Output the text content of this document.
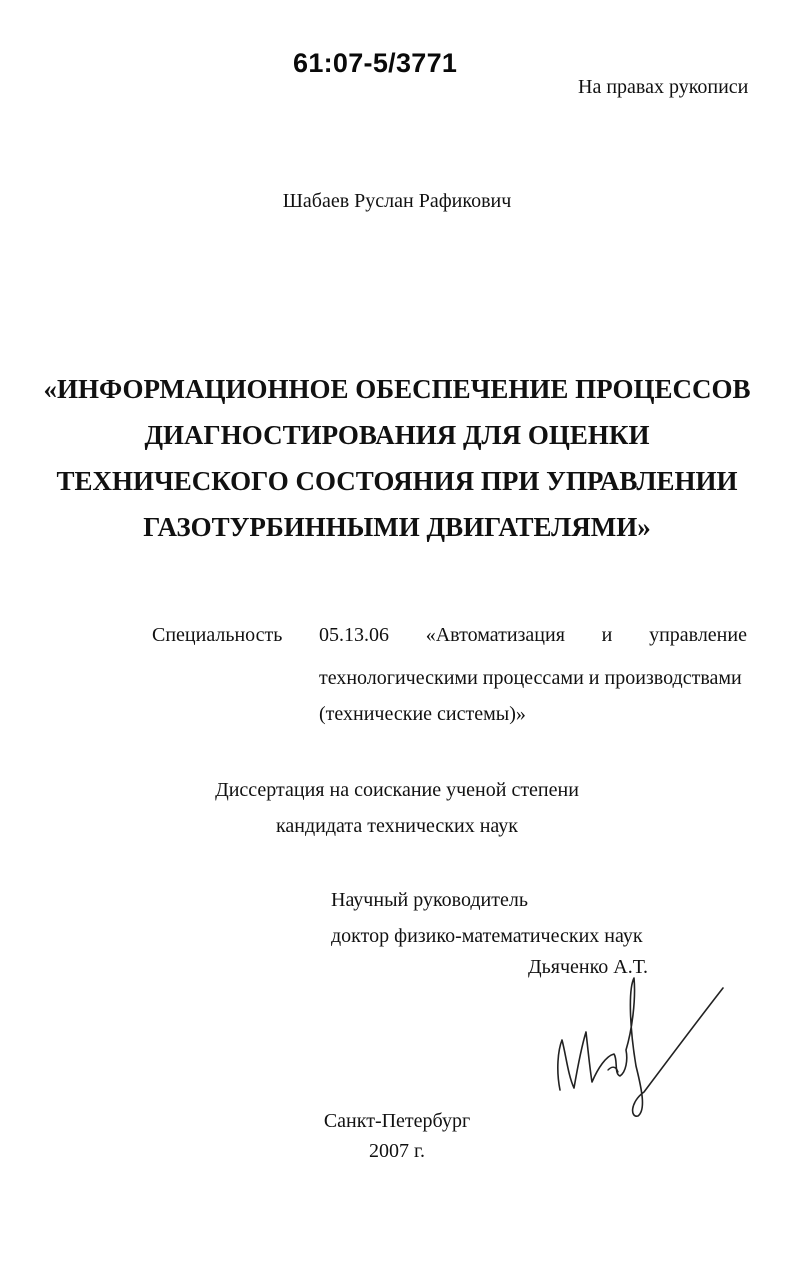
61:07-5/3771
На правах рукописи
Шабаев Руслан Рафикович
«ИНФОРМАЦИОННОЕ ОБЕСПЕЧЕНИЕ ПРОЦЕССОВ
ДИАГНОСТИРОВАНИЯ ДЛЯ ОЦЕНКИ
ТЕХНИЧЕСКОГО СОСТОЯНИЯ ПРИ УПРАВЛЕНИИ
ГАЗОТУРБИННЫМИ ДВИГАТЕЛЯМИ»
Специальность 05.13.06 «Автоматизация и управление
технологическими процессами и производствами
(технические системы)»
Диссертация на соискание ученой степени
кандидата технических наук
Научный руководитель
доктор физико-математических наук
Дьяченко А.Т.
Санкт-Петербург
2007 г.
